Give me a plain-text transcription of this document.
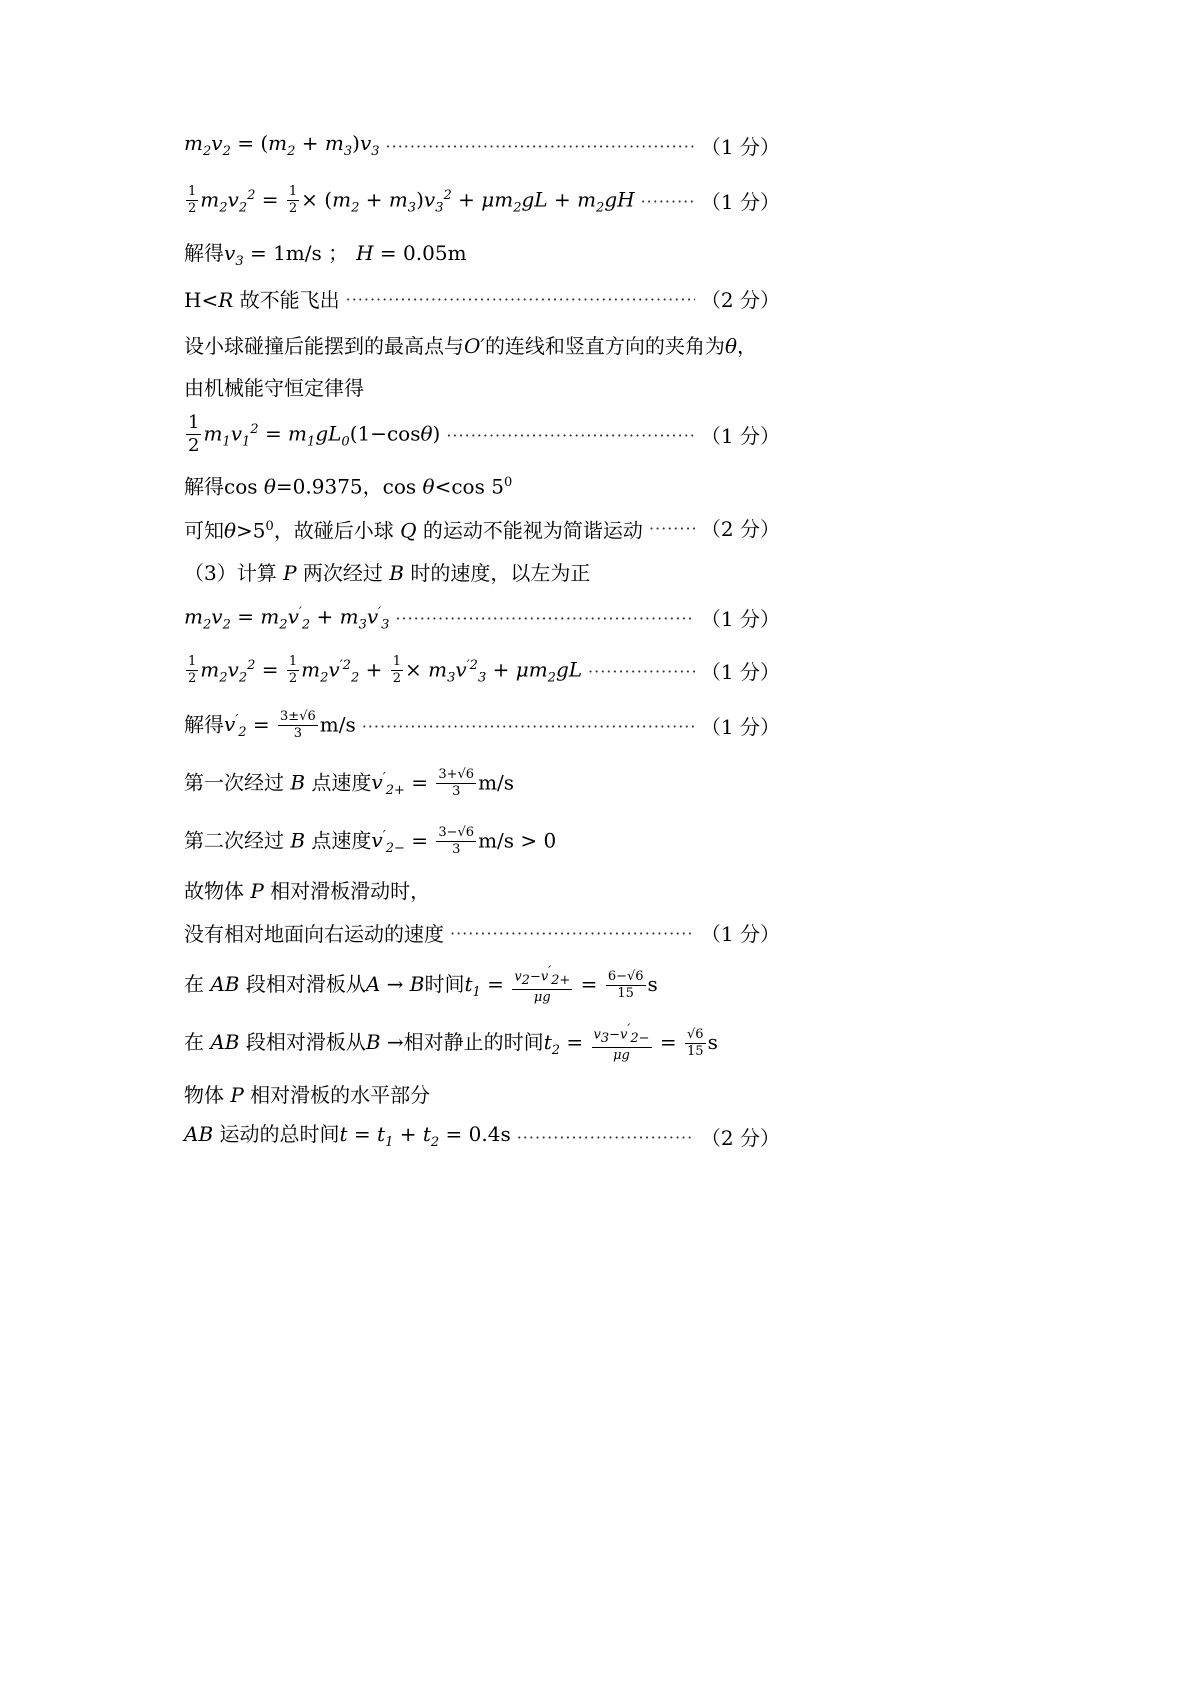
$m_2v_2 = (m_2 + m_3)v_3$ ·····	（1 分）
$\frac{1}{2} m_2v_2^2 = \frac{1}{2} \times (m_2 + m_3)v_3^2 + \mu m_2gL + m_2gH$ ·····	（1 分）
解得$v_3 = 1m/s$ ； H = 0.05m
H<R 故不能飞出 ·····	（2 分）
设小球碰撞后能摆到的最高点与O′的连线和竖直方向的夹角为θ，
由机械能守恒定律得
$\frac{1}{2} m_1v_1^2 = m_1gL_0(1-\cos\theta)$ ·····	（1 分）
解得cos θ=0.9375，cos θ<cos $5^0$
可知$\theta>5^0$，故碰后小球 Q 的运动不能视为简谐运动 ·····	（2 分）
（3）计算 P 两次经过 B 时的速度，以左为正
$m_2v_2 = m_2v'_2 + m_3v'_3$ ·····	（1 分）
$\frac{1}{2} m_2v_2^2 = \frac{1}{2} m_2v^{'2}_2 + \frac{1}{2} \times m_3v^{'2}_3 + \mu m_2gL$ ·····	（1 分）
解得$v'_2 = \frac{3\pm√6}{3} m/s$ ·····	（1 分）
第一次经过 B 点速度$v'_{2+} = \frac{3+√6}{3} m/s$
第二次经过 B 点速度$v'_{2-} = \frac{3-√6}{3} m/s > 0$
故物体 P 相对滑板滑动时，
没有相对地面向右运动的速度 ·····	（1 分）
在 AB 段相对滑板从A → B时间$t_1 = \frac{v_2-v'_{2+}}{\mu g} = \frac{6-√6}{15}$ s
在 AB 段相对滑板从B →相对静止的时间$t_2 = \frac{v_3-v'_{2-}}{\mu g} = \frac{√6}{15}$ s
物体 P 相对滑板的水平部分
AB 运动的总时间$t = t_1 + t_2 = 0.4s$ ·····	（2 分）
